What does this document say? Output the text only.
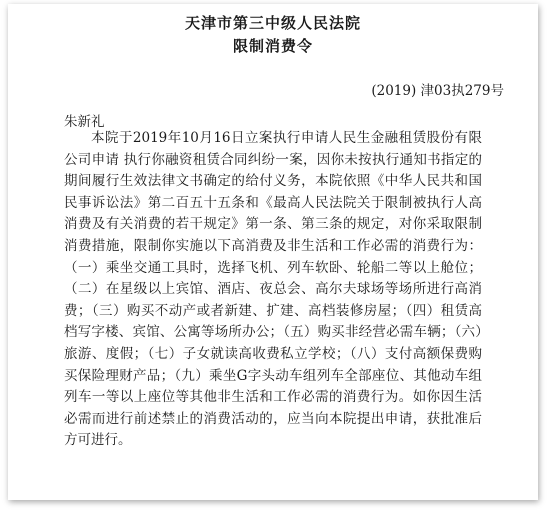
天津市第三中级人民法院
限制消费令
(2019) 津03执279号
朱新礼

本院于2019年10月16日立案执行申请人民生金融租赁股份有限公司申请 执行你融资租赁合同纠纷一案，因你未按执行通知书指定的期间履行生效法律文书确定的给付义务，本院依照《中华人民共和国民事诉讼法》第二百五十五条和《最高人民法院关于限制被执行人高消费及有关消费的若干规定》第一条、第三条的规定，对你采取限制消费措施，限制你实施以下高消费及非生活和工作必需的消费行为：（一）乘坐交通工具时，选择飞机、列车软卧、轮船二等以上舱位；（二）在星级以上宾馆、酒店、夜总会、高尔夫球场等场所进行高消费；（三）购买不动产或者新建、扩建、高档装修房屋；（四）租赁高档写字楼、宾馆、公寓等场所办公；（五）购买非经营必需车辆；（六）旅游、度假；（七）子女就读高收费私立学校；（八）支付高额保费购买保险理财产品；（九）乘坐G字头动车组列车全部座位、其他动车组列车一等以上座位等其他非生活和工作必需的消费行为。如你因生活必需而进行前述禁止的消费活动的，应当向本院提出申请，获批准后方可进行。
